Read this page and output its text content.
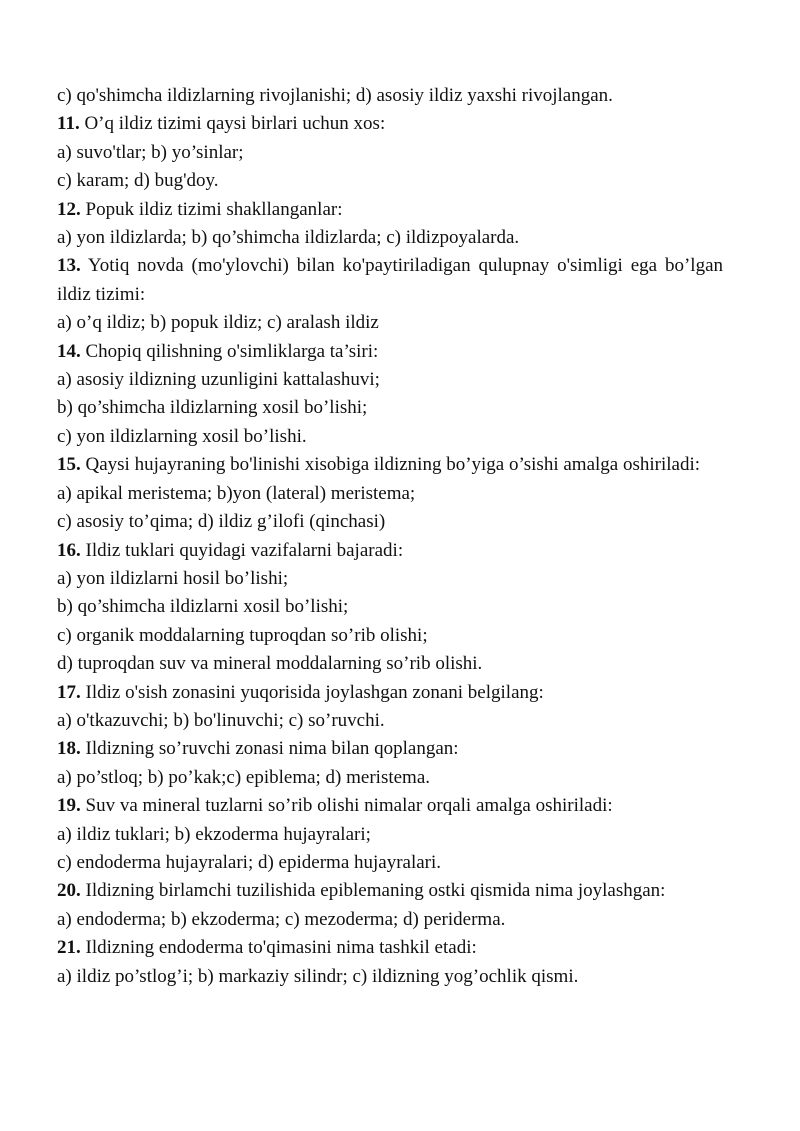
c) qo'shimcha ildizlarning rivojlanishi; d) asosiy ildiz yaxshi rivojlangan.
11. O’q ildiz tizimi qaysi birlari uchun xos:
a) suvo'tlar; b) yo’sinlar;
c) karam; d) bug'doy.
12. Popuk ildiz tizimi shakllanganlar:
a) yon ildizlarda; b) qo’shimcha ildizlarda; c) ildizpoyalarda.
13. Yotiq novda (mo'ylovchi) bilan ko'paytiriladigan qulupnay o'simligi ega bo’lgan ildiz tizimi:
a) o’q ildiz; b) popuk ildiz; c) aralash ildiz
14. Chopiq qilishning o'simliklarga ta’siri:
a) asosiy ildizning uzunligini kattalashuvi;
b) qo’shimcha ildizlarning xosil bo’lishi;
c) yon ildizlarning xosil bo’lishi.
15. Qaysi hujayraning bo'linishi xisobiga ildizning bo’yiga o’sishi amalga oshiriladi:
a) apikal meristema; b)yon (lateral) meristema;
c) asosiy to’qima; d) ildiz g’ilofi (qinchasi)
16. Ildiz tuklari quyidagi vazifalarni bajaradi:
a) yon ildizlarni hosil bo’lishi;
b) qo’shimcha ildizlarni xosil bo’lishi;
c) organik moddalarning tuproqdan so’rib olishi;
d) tuproqdan suv va mineral moddalarning so’rib olishi.
17. Ildiz o'sish zonasini yuqorisida joylashgan zonani belgilang:
a) o'tkazuvchi; b) bo'linuvchi; c) so’ruvchi.
18. Ildizning so’ruvchi zonasi nima bilan qoplangan:
a) po’stloq; b) po’kak;c) epiblema; d) meristema.
19. Suv va mineral tuzlarni so’rib olishi nimalar orqali amalga oshiriladi:
a) ildiz tuklari; b) ekzoderma hujayralari;
c) endoderma hujayralari; d) epiderma hujayralari.
20. Ildizning birlamchi tuzilishida epiblemaning ostki qismida nima joylashgan:
a) endoderma; b) ekzoderma; c) mezoderma; d) periderma.
21. Ildizning endoderma to'qimasini nima tashkil etadi:
a) ildiz po’stlog’i; b) markaziy silindr; c) ildizning yog’ochlik qismi.
